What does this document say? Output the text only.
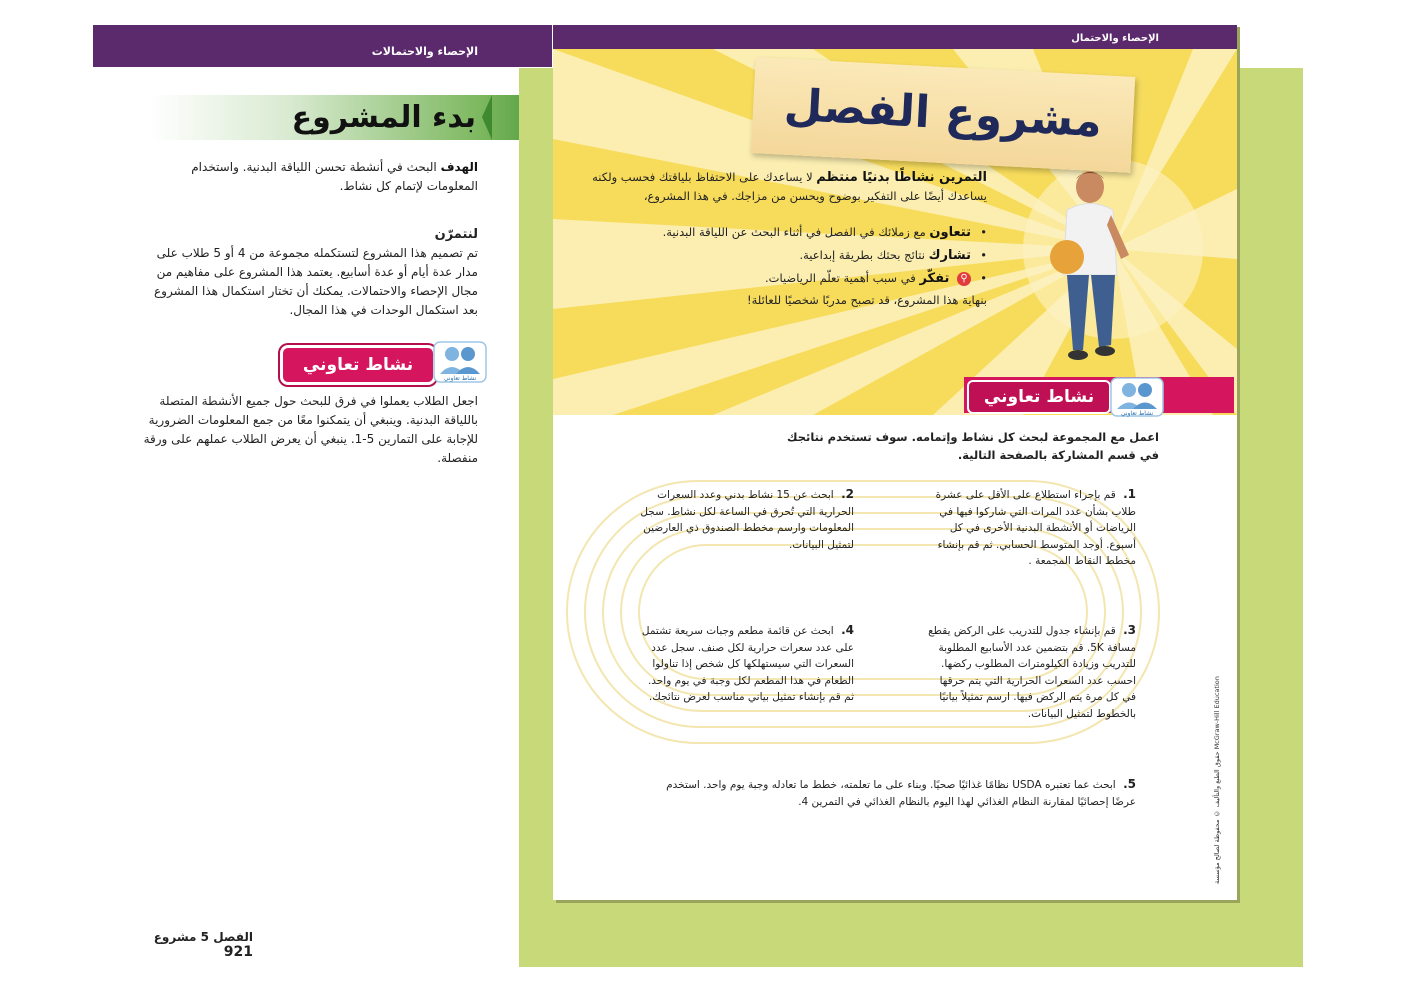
الإحصاء والاحتمالات
بدء المشروع
الهدف البحث في أنشطة تحسن اللياقة البدنية. واستخدام المعلومات لإتمام كل نشاط.
لنتمرّن
تم تصميم هذا المشروع لتستكمله مجموعة من 4 أو 5 طلاب على مدار عدة أيام أو عدة أسابيع. يعتمد هذا المشروع على مفاهيم من مجال الإحصاء والاحتمالات. يمكنك أن تختار استكمال هذا المشروع بعد استكمال الوحدات في هذا المجال.
نشاط تعاوني
نشاط تعاوني
اجعل الطلاب يعملوا في فرق للبحث حول جميع الأنشطة المتصلة باللياقة البدنية. وينبغي أن يتمكنوا معًا من جمع المعلومات الضرورية للإجابة على التمارين 5-1. ينبغي أن يعرض الطلاب عملهم على ورقة منفصلة.
الفصل 5 مشروع 921
الإحصاء والاحتمال
مشروع الفصل
التمرين نشاطًا بدنيًا منتظم لا يساعدك على الاحتفاظ بلياقتك فحسب ولكنه يساعدك أيضًا على التفكير بوضوح ويحسن من مزاجك. في هذا المشروع،
• تتعاون مع زملائك في الفصل في أثناء البحث عن اللياقة البدنية.
• تشارك نتائج بحثك بطريقة إبداعية.
• ⚲ تفكّر في سبب أهمية تعلّم الرياضيات.
بنهاية هذا المشروع، قد تصبح مدربًا شخصيًا للعائلة!
نشاط تعاوني
نشاط تعاوني
اعمل مع المجموعة لبحث كل نشاط وإتمامه. سوف تستخدم نتائجك في قسم المشاركة بالصفحة التالية.
1. قم بإجراء استطلاع على الأقل على عشرة طلاب بشأن عدد المرات التي شاركوا فيها في الرياضات أو الأنشطة البدنية الأخرى في كل أسبوع. أوجد المتوسط الحسابي. ثم قم بإنشاء مخطط النقاط المجمعة .
2. ابحث عن 15 نشاط بدني وعدد السعرات الحرارية التي تُحرق في الساعة لكل نشاط. سجل المعلومات وارسم مخطط الصندوق ذي العارضين لتمثيل البيانات.
3. قم بإنشاء جدول للتدريب على الركض يقطع مسافة 5K. قم بتضمين عدد الأسابيع المطلوبة للتدريب وزيادة الكيلومترات المطلوب ركضها. احسب عدد السعرات الحرارية التي يتم حرقها في كل مرة يتم الركض فيها. ارسم تمثيلاً بيانيًا بالخطوط لتمثيل البيانات.
4. ابحث عن قائمة مطعم وجبات سريعة تشتمل على عدد سعرات حرارية لكل صنف. سجل عدد السعرات التي سيستهلكها كل شخص إذا تناولوا الطعام في هذا المطعم لكل وجبة في يوم واحد. ثم قم بإنشاء تمثيل بياني مناسب لعرض نتائجك.
5. ابحث عما تعتبره USDA نظامًا غذائيًا صحيًا. وبناء على ما تعلمته، خطط ما تعادله وجبة يوم واحد. استخدم عرضًا إحصائيًا لمقارنة النظام الغذائي لهذا اليوم بالنظام الغذائي في التمرين 4.	McGraw-Hill Education حقوق الطبع والتأليف © محفوظة لصالح مؤسسة
